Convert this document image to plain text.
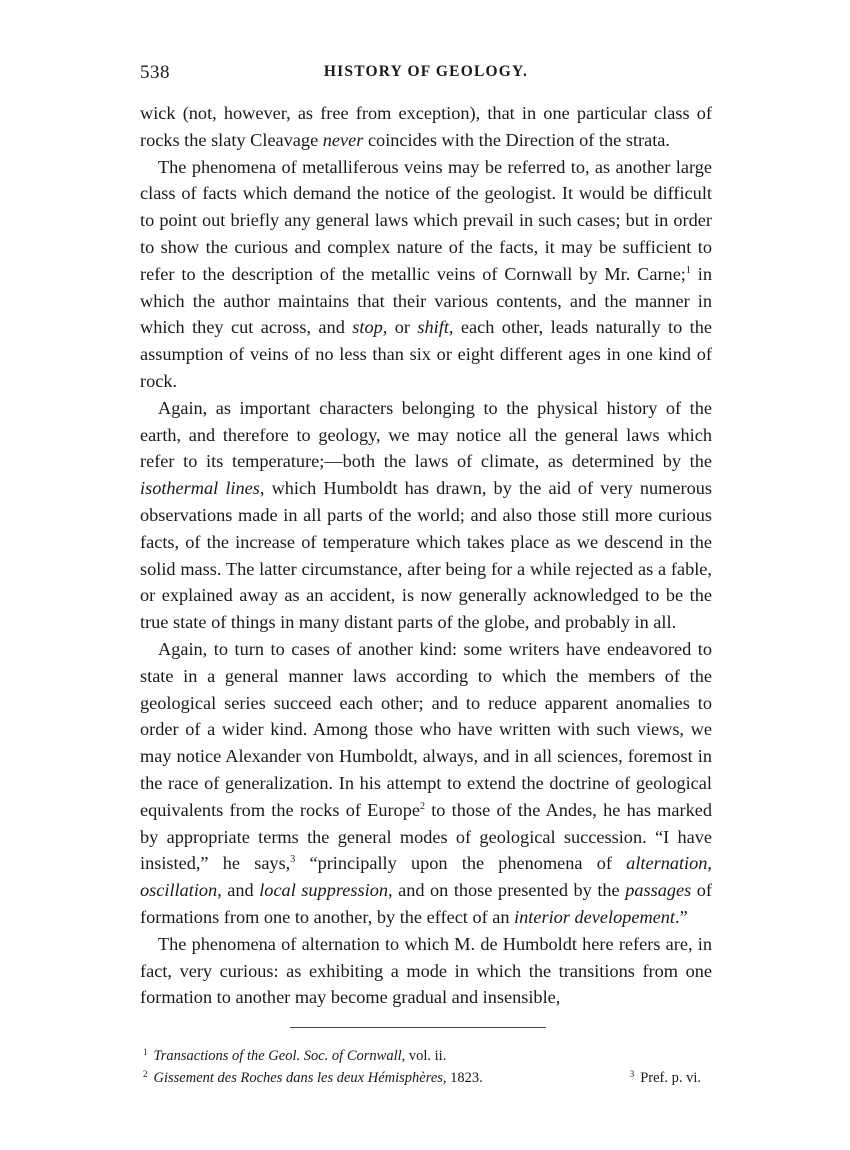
538	HISTORY OF GEOLOGY.

wick (not, however, as free from exception), that in one particular class of rocks the slaty Cleavage never coincides with the Direction of the strata.

The phenomena of metalliferous veins may be referred to, as another large class of facts which demand the notice of the geologist. It would be difficult to point out briefly any general laws which prevail in such cases; but in order to show the curious and complex nature of the facts, it may be sufficient to refer to the description of the metallic veins of Cornwall by Mr. Carne;$^1$ in which the author maintains that their various contents, and the manner in which they cut across, and stop, or shift, each other, leads naturally to the assumption of veins of no less than six or eight different ages in one kind of rock.

Again, as important characters belonging to the physical history of the earth, and therefore to geology, we may notice all the general laws which refer to its temperature;—both the laws of climate, as determined by the isothermal lines, which Humboldt has drawn, by the aid of very numerous observations made in all parts of the world; and also those still more curious facts, of the increase of temperature which takes place as we descend in the solid mass. The latter circumstance, after being for a while rejected as a fable, or explained away as an accident, is now generally acknowledged to be the true state of things in many distant parts of the globe, and probably in all.

Again, to turn to cases of another kind: some writers have endeavored to state in a general manner laws according to which the members of the geological series succeed each other; and to reduce apparent anomalies to order of a wider kind. Among those who have written with such views, we may notice Alexander von Humboldt, always, and in all sciences, foremost in the race of generalization. In his attempt to extend the doctrine of geological equivalents from the rocks of Europe$^2$ to those of the Andes, he has marked by appropriate terms the general modes of geological succession. “I have insisted,” he says,$^3$ “principally upon the phenomena of alternation, oscillation, and local suppression, and on those presented by the passages of formations from one to another, by the effect of an interior developement.”

The phenomena of alternation to which M. de Humboldt here refers are, in fact, very curious: as exhibiting a mode in which the transitions from one formation to another may become gradual and insensible,

$^1$ Transactions of the Geol. Soc. of Cornwall, vol. ii.
$^2$ Gissement des Roches dans les deux Hémisphères, 1823.	$^3$ Pref. p. vi.
